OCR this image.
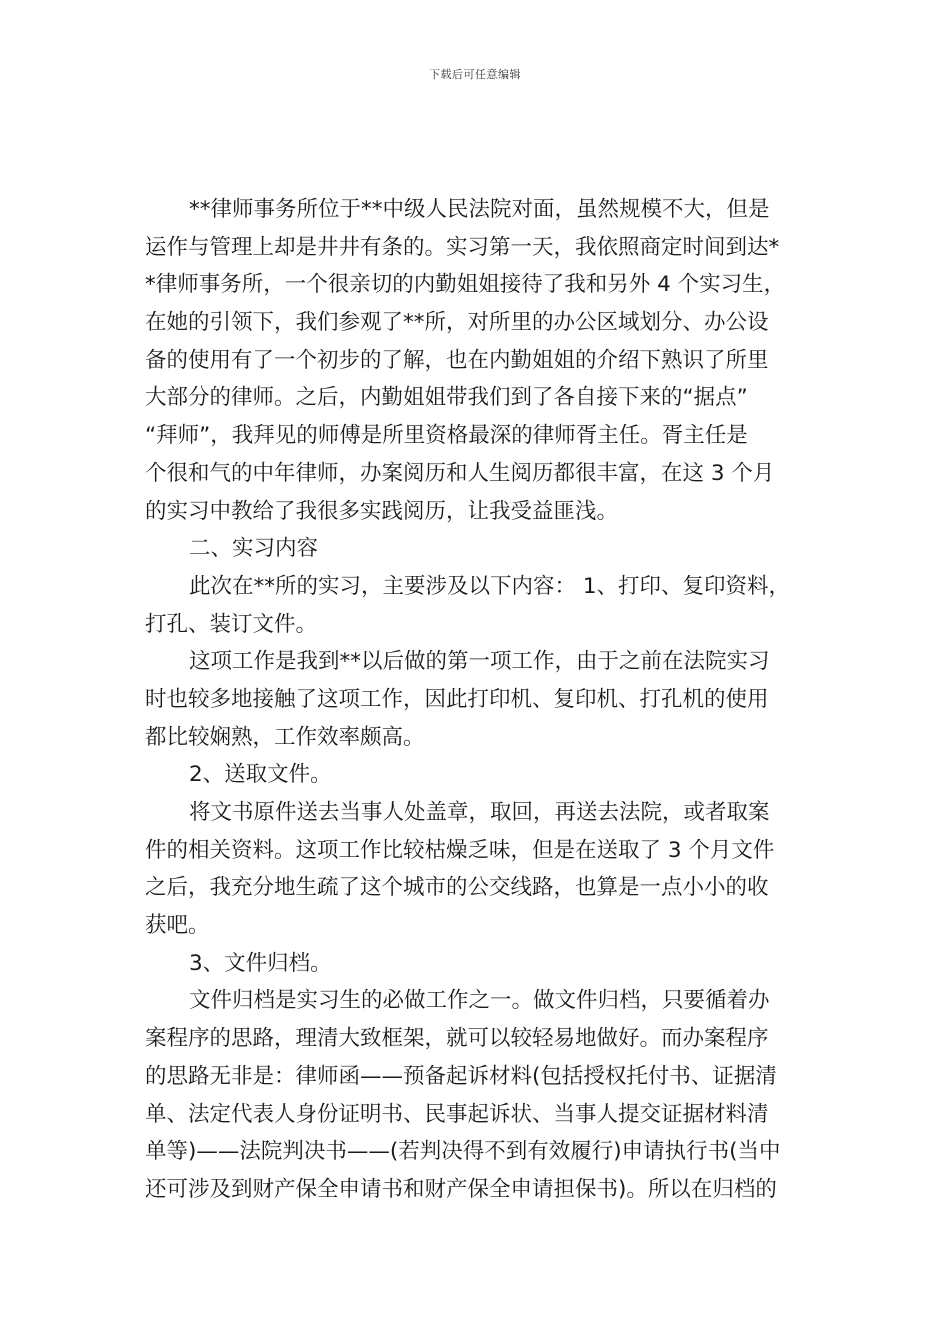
下载后可任意编辑
**律师事务所位于**中级人民法院对面，虽然规模不大，但是
运作与管理上却是井井有条的。实习第一天，我依照商定时间到达*
*律师事务所，一个很亲切的内勤姐姐接待了我和另外 4 个实习生，
在她的引领下，我们参观了**所，对所里的办公区域划分、办公设
备的使用有了一个初步的了解，也在内勤姐姐的介绍下熟识了所里
大部分的律师。之后，内勤姐姐带我们到了各自接下来的“据点”
“拜师”，我拜见的师傅是所里资格最深的律师胥主任。胥主任是
个很和气的中年律师，办案阅历和人生阅历都很丰富，在这 3 个月
的实习中教给了我很多实践阅历，让我受益匪浅。
二、实习内容
此次在**所的实习，主要涉及以下内容： 1、打印、复印资料，
打孔、装订文件。
这项工作是我到**以后做的第一项工作，由于之前在法院实习
时也较多地接触了这项工作，因此打印机、复印机、打孔机的使用
都比较娴熟，工作效率颇高。
2、送取文件。
将文书原件送去当事人处盖章，取回，再送去法院，或者取案
件的相关资料。这项工作比较枯燥乏味，但是在送取了 3 个月文件
之后，我充分地生疏了这个城市的公交线路，也算是一点小小的收
获吧。
3、文件归档。
文件归档是实习生的必做工作之一。做文件归档，只要循着办
案程序的思路，理清大致框架，就可以较轻易地做好。而办案程序
的思路无非是：律师函——预备起诉材料(包括授权托付书、证据清
单、法定代表人身份证明书、民事起诉状、当事人提交证据材料清
单等)——法院判决书——(若判决得不到有效履行)申请执行书(当中
还可涉及到财产保全申请书和财产保全申请担保书)。所以在归档的
